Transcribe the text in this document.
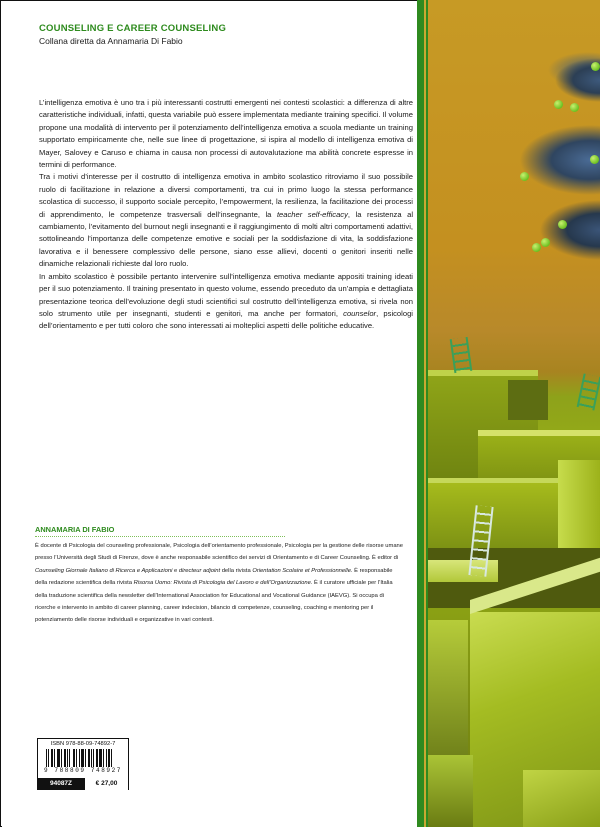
COUNSELING E CAREER COUNSELING
Collana diretta da Annamaria Di Fabio

L’intelligenza emotiva è uno tra i più interessanti costrutti emergenti nei contesti scolastici: a differenza di altre caratteristiche individuali, infatti, questa variabile può essere implementata mediante training specifici. Il volume propone una modalità di intervento per il potenziamento dell’intelligenza emotiva a scuola mediante un training supportato empiricamente che, nelle sue linee di progettazione, si ispira al modello di intelligenza emotiva di Mayer, Salovey e Caruso e chiama in causa non processi di autovalutazione ma abilità concrete espresse in termini di performance.

Tra i motivi d’interesse per il costrutto di intelligenza emotiva in ambito scolastico ritroviamo il suo possibile ruolo di facilitazione in relazione a diversi comportamenti, tra cui in primo luogo la stessa performance scolastica di successo, il supporto sociale percepito, l’empowerment, la resilienza, la facilitazione dei processi di apprendimento, le competenze trasversali dell’insegnante, la teacher self-efficacy, la resistenza al cambiamento, l’evitamento del burnout negli insegnanti e il raggiungimento di molti altri comportamenti adattivi, sottolineando l’importanza delle competenze emotive e sociali per la soddisfazione di vita, la soddisfazione lavorativa e il benessere complessivo delle persone, siano esse allievi, docenti o genitori inseriti nelle dinamiche relazionali richieste dal loro ruolo.

In ambito scolastico è possibile pertanto intervenire sull’intelligenza emotiva mediante appositi training ideati per il suo potenziamento. Il training presentato in questo volume, essendo preceduto da un’ampia e dettagliata presentazione teorica dell’evoluzione degli studi scientifici sul costrutto dell’intelligenza emotiva, si rivela non solo strumento utile per insegnanti, studenti e genitori, ma anche per formatori, counselor, psicologi dell’orientamento e per tutti coloro che sono interessati ai molteplici aspetti delle politiche educative.

ANNAMARIA DI FABIO
È docente di Psicologia del counseling professionale, Psicologia dell’orientamento professionale, Psicologia per la gestione delle risorse umane presso l’Università degli Studi di Firenze, dove è anche responsabile scientifico dei servizi di Orientamento e di Career Counseling. È editor di Counseling Giornale Italiano di Ricerca e Applicazioni e directeur adjoint della rivista Orientation Scolaire et Professionnelle. È responsabile della redazione scientifica della rivista Risorsa Uomo: Rivista di Psicologia del Lavoro e dell’Organizzazione. È il curatore ufficiale per l’Italia della traduzione scientifica della newsletter dell’International Association for Educational and Vocational Guidance (IAEVG). Si occupa di ricerche e intervento in ambito di career planning, career indecision, bilancio di competenze, counseling, coaching e mentoring per il potenziamento delle risorse individuali e organizzative in vari contesti.
ISBN 978-88-09-74892-7
9 788809 748927
94087Z	€ 27,00
